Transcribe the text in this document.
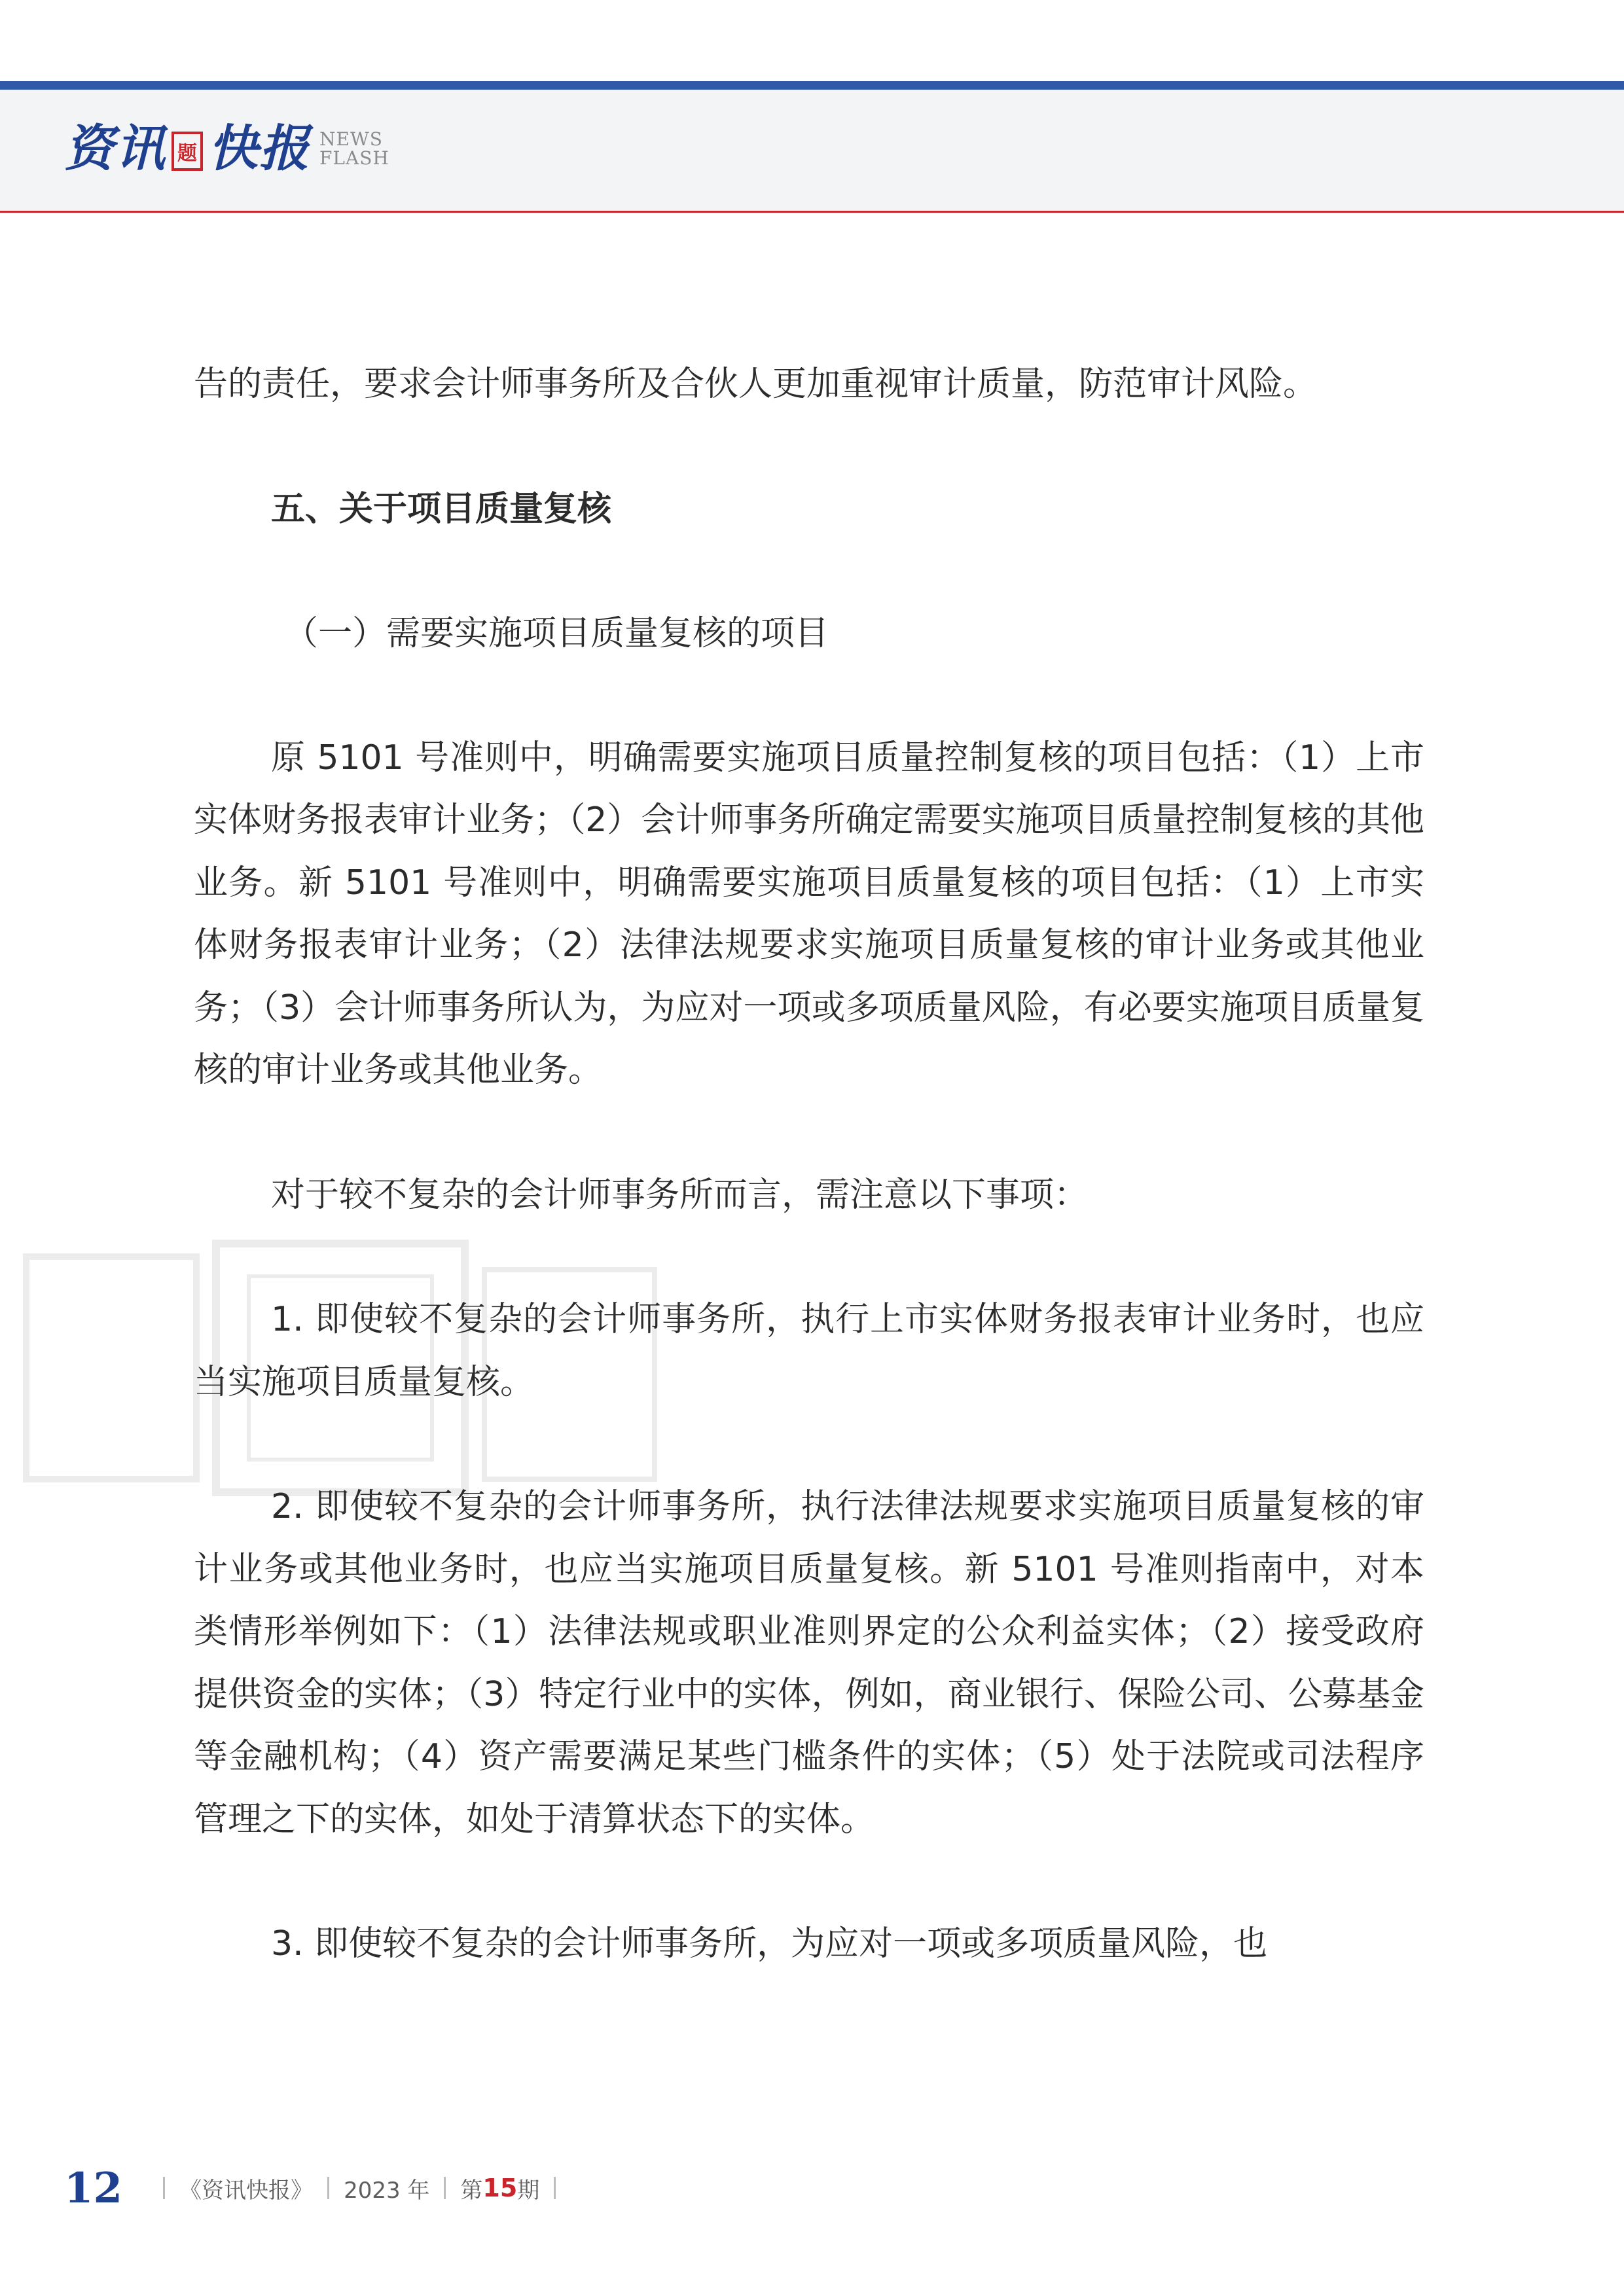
资讯 题 快报 NEWS
FLASH

告的责任，要求会计师事务所及合伙人更加重视审计质量，防范审计风险。

五、关于项目质量复核

（一）需要实施项目质量复核的项目

原 5101 号准则中，明确需要实施项目质量控制复核的项目包括：（1）上市实体财务报表审计业务；（2）会计师事务所确定需要实施项目质量控制复核的其他业务。新 5101 号准则中，明确需要实施项目质量复核的项目包括：（1）上市实体财务报表审计业务；（2）法律法规要求实施项目质量复核的审计业务或其他业务；（3）会计师事务所认为，为应对一项或多项质量风险，有必要实施项目质量复核的审计业务或其他业务。

对于较不复杂的会计师事务所而言，需注意以下事项：

1. 即使较不复杂的会计师事务所，执行上市实体财务报表审计业务时，也应当实施项目质量复核。

2. 即使较不复杂的会计师事务所，执行法律法规要求实施项目质量复核的审计业务或其他业务时，也应当实施项目质量复核。新 5101 号准则指南中，对本类情形举例如下：（1）法律法规或职业准则界定的公众利益实体；（2）接受政府提供资金的实体；（3）特定行业中的实体，例如，商业银行、保险公司、公募基金等金融机构；（4）资产需要满足某些门槛条件的实体；（5）处于法院或司法程序管理之下的实体，如处于清算状态下的实体。

3. 即使较不复杂的会计师事务所，为应对一项或多项质量风险，也

12	《资讯快报》 2023 年 第 15 期
